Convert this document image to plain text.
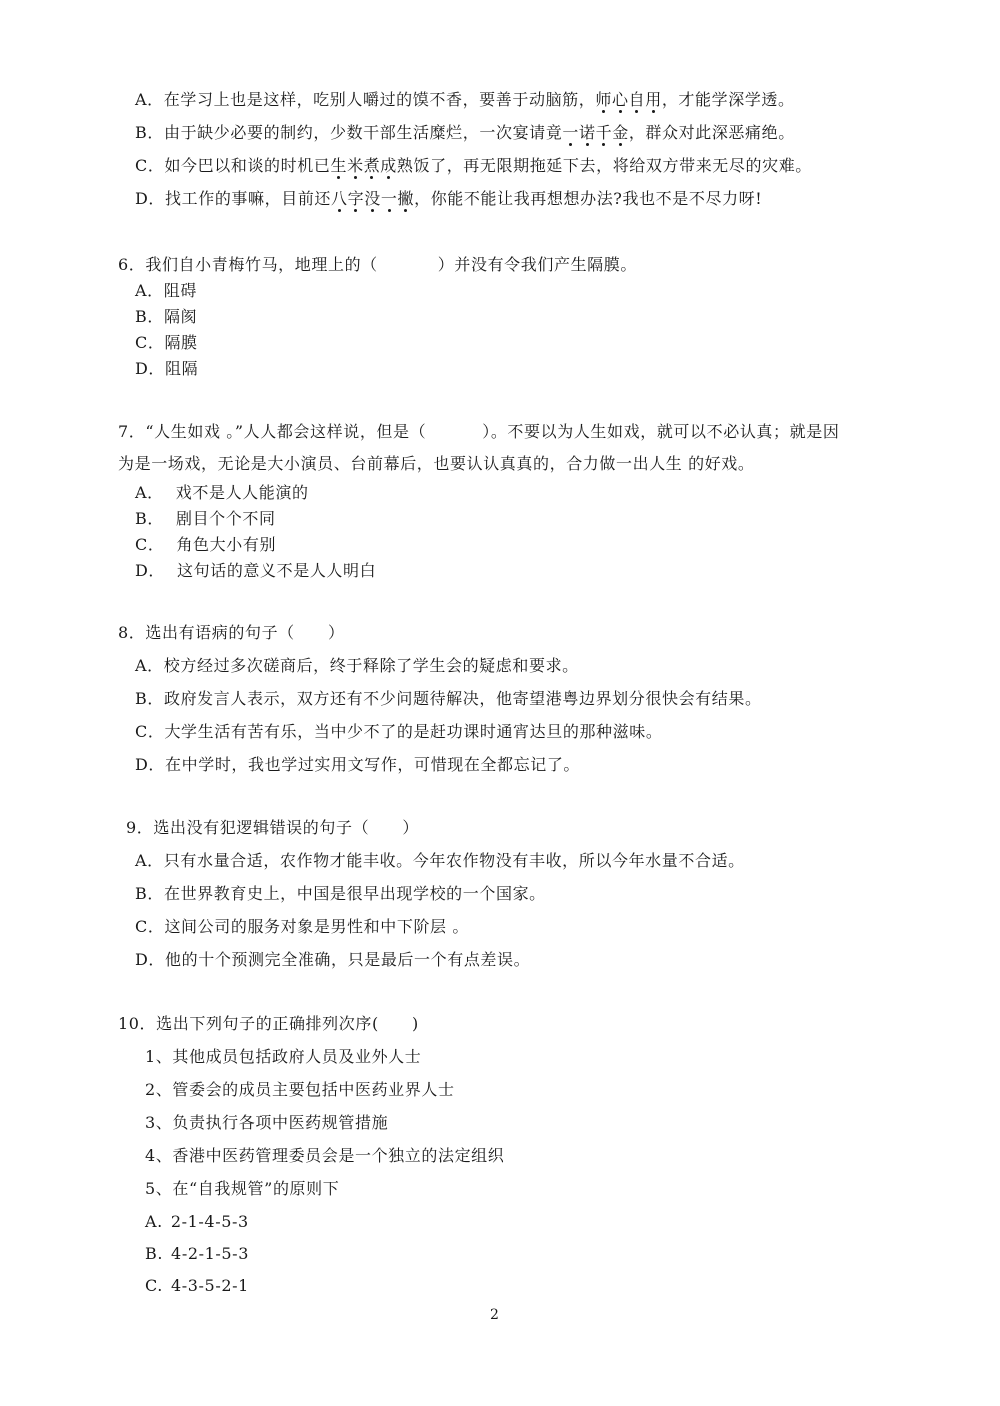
A．在学习上也是这样，吃别人嚼过的馍不香，要善于动脑筋，师心自用，才能学深学透。
B．由于缺少必要的制约，少数干部生活糜烂，一次宴请竟一诺千金，群众对此深恶痛绝。
C．如今巴以和谈的时机已生米煮成熟饭了，再无限期拖延下去，将给双方带来无尽的灾难。
D．找工作的事嘛，目前还八字没一撇，你能不能让我再想想办法?我也不是不尽力呀!
6．我们自小青梅竹马，地理上的（	）并没有令我们产生隔膜。
A．阻碍
B．隔阂
C．隔膜
D．阻隔
7．“人生如戏 。”人人都会这样说，但是（	）。不要以为人生如戏，就可以不必认真；就是因
为是一场戏，无论是大小演员、台前幕后，也要认认真真的，合力做一出人生 的好戏。
A． 戏不是人人能演的
B． 剧目个个不同
C． 角色大小有别
D． 这句话的意义不是人人明白
8．选出有语病的句子（　　）
A．校方经过多次磋商后，终于释除了学生会的疑虑和要求。
B．政府发言人表示，双方还有不少问题待解决，他寄望港粤边界划分很快会有结果。
C．大学生活有苦有乐，当中少不了的是赶功课时通宵达旦的那种滋味。
D．在中学时，我也学过实用文写作，可惜现在全都忘记了。
9．选出没有犯逻辑错误的句子（　　）
A．只有水量合适，农作物才能丰收。今年农作物没有丰收，所以今年水量不合适。
B．在世界教育史上，中国是很早出现学校的一个国家。
C．这间公司的服务对象是男性和中下阶层 。
D．他的十个预测完全准确，只是最后一个有点差误。
10．选出下列句子的正确排列次序(　　)
1、其他成员包括政府人员及业外人士
2、管委会的成员主要包括中医药业界人士
3、负责执行各项中医药规管措施
4、香港中医药管理委员会是一个独立的法定组织
5、在“自我规管”的原则下
A. 2-1-4-5-3
B. 4-2-1-5-3
C. 4-3-5-2-1
2
